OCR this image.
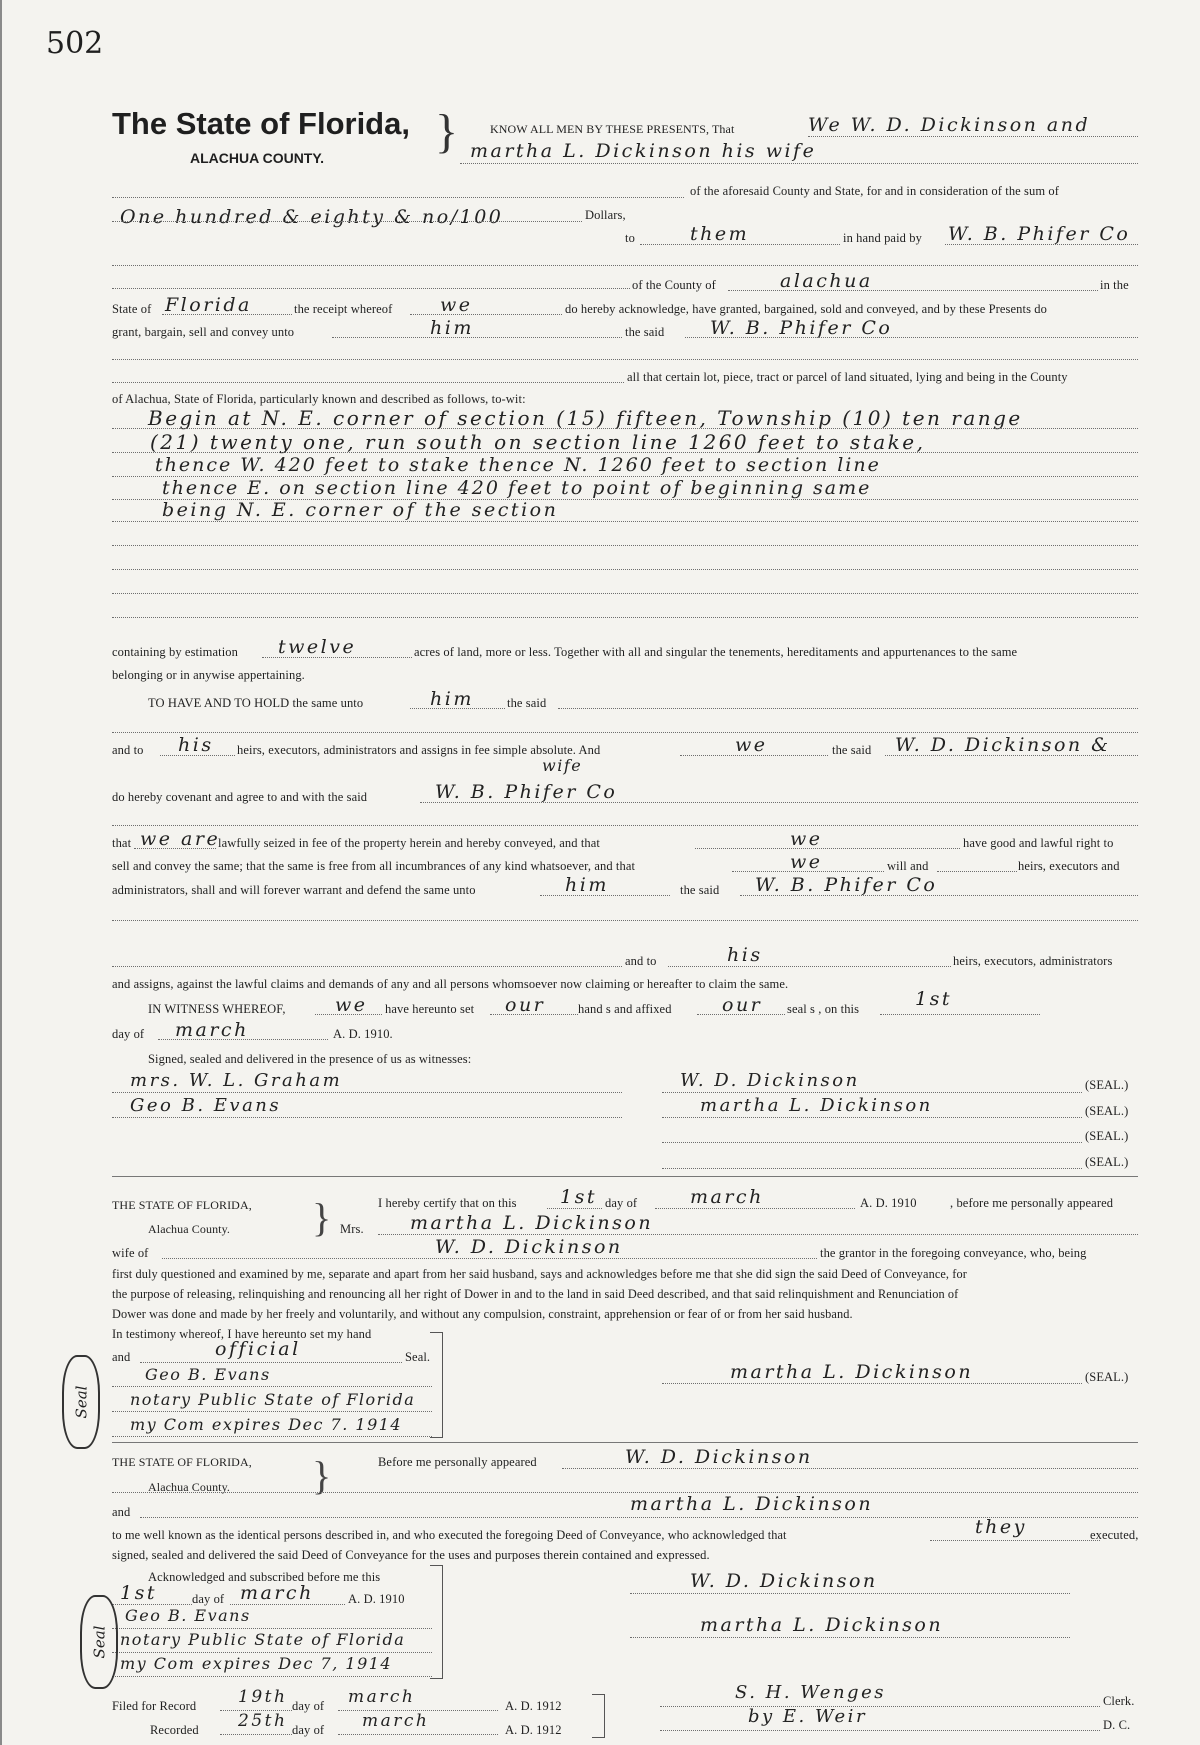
502
The State of Florida,
ALACHUA COUNTY. }	KNOW ALL MEN BY THESE PRESENTS, That	We W. D. Dickinson and
martha L. Dickinson his wife
of the aforesaid County and State, for and in consideration of the sum of
One hundred & eighty & no/100	Dollars,
to	them	in hand paid by W. B. Phifer Co
of the County of	alachua	in the
State of Florida	the receipt whereof	we	do hereby acknowledge, have granted, bargained, sold and conveyed, and by these Presents do
grant, bargain, sell and convey unto	him	the said W. B. Phifer Co
all that certain lot, piece, tract or parcel of land situated, lying and being in the County
of Alachua, State of Florida, particularly known and described as follows, to-wit:
Begin at N. E. corner of section (15) fifteen, Township (10) ten range
(21) twenty one, run south on section line 1260 feet to stake,
thence W. 420 feet to stake thence N. 1260 feet to section line
thence E. on section line 420 feet to point of beginning same
being N. E. corner of the section
containing by estimation twelve	acres of land, more or less. Together with all and singular the tenements, hereditaments and appurtenances to the same
belonging or in anywise appertaining.
TO HAVE AND TO HOLD the same unto	him	the said
and to his heirs, executors, administrators and assigns in fee simple absolute. And	we	the said W. D. Dickinson &
wife
do hereby covenant and agree to and with the said	W. B. Phifer Co
that we are
lawfully seized in fee of the property herein and hereby conveyed, and that	we	have good and lawful right to
sell and convey the same; that the same is free from all incumbrances of any kind whatsoever, and that	we	will and	heirs, executors and
administrators, shall and will forever warrant and defend the same unto	him	the said W. B. Phifer Co
and to	his	heirs, executors, administrators
and assigns, against the lawful claims and demands of any and all persons whomsoever now claiming or hereafter to claim the same.
IN WITNESS WHEREOF,	we have hereunto set our	hand s and affixed	our seal s , on this	1st
day of march	A. D. 1910.
Signed, sealed and delivered in the presence of us as witnesses:
mrs. W. L. Graham
Geo B. Evans
W. D. Dickinson	(SEAL.)
martha L. Dickinson	(SEAL.)
(SEAL.)
(SEAL.)
THE STATE OF FLORIDA,
Alachua County. }	I hereby certify that on this 1st day of	march	A. D. 1910	, before me personally appeared
Mrs. martha L. Dickinson
wife of	W. D. Dickinson	the grantor in the foregoing conveyance, who, being
first duly questioned and examined by me, separate and apart from her said husband, says and acknowledges before me that she did sign the said Deed of Conveyance, for
the purpose of releasing, relinquishing and renouncing all her right of Dower in and to the land in said Deed described, and that said relinquishment and Renunciation of
Dower was done and made by her freely and voluntarily, and without any compulsion, constraint, apprehension or fear of or from her said husband.
In testimony whereof, I have hereunto set my hand
and	official	Seal.
Geo B. Evans
notary Public State of Florida
my Com expires Dec 7. 1914
Seal
martha L. Dickinson	(SEAL.)
THE STATE OF FLORIDA,
Alachua County. }	Before me personally appeared	W. D. Dickinson
and	martha L. Dickinson
to me well known as the identical persons described in, and who executed the foregoing Deed of Conveyance, who acknowledged that	they	executed,
signed, sealed and delivered the said Deed of Conveyance for the uses and purposes therein contained and expressed.
Acknowledged and subscribed before me this
1st	day of march	A. D. 1910
Geo B. Evans
notary Public State of Florida
my Com expires Dec 7, 1914
Seal
W. D. Dickinson
martha L. Dickinson
Filed for Record 19th day of march	A. D. 1912
Recorded 25th day of march	A. D. 1912
S. H. Wenges	Clerk.
by E. Weir	D. C.
